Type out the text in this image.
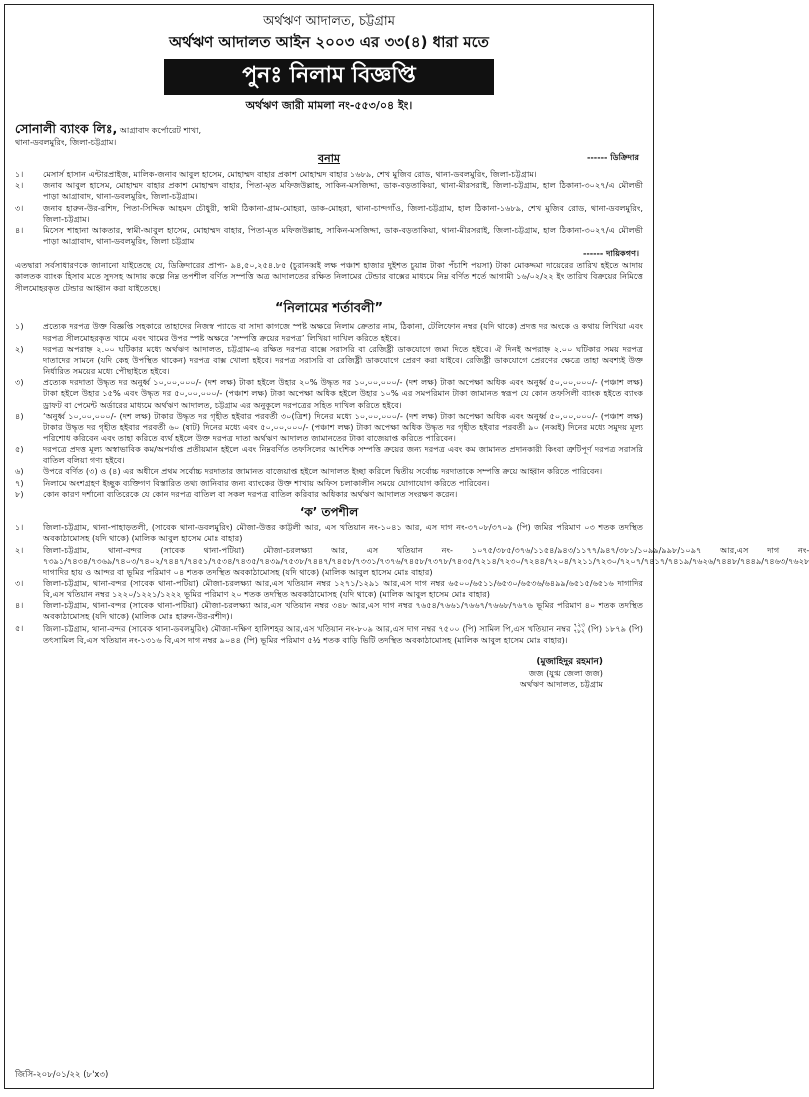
অর্থঋণ আদালত, চট্টগ্রাম
অর্থঋণ আদালত আইন ২০০৩ এর ৩৩(৪) ধারা মতে
পুনঃ নিলাম বিজ্ঞপ্তি
অর্থঋণ জারী মামলা নং-৫৫৩/০৪ ইং।
সোনালী ব্যাংক লিঃ, আগ্রাবাদ কর্পোরেট শাখা,
থানা-ডবলমুরিং, জিলা-চট্টগ্রাম।
------ ডিক্রিদার
বনাম
১।	মেসার্স হাসান এন্টারপ্রাইজ, মালিক-জনাব আবুল হাসেম, মোহাম্মদ বাহার প্রকাশ মোহাম্মদ বাহার ১৬৮৯, শেখ মুজিব রোড, থানা-ডবলমুরিং, জিলা-চট্টগ্রাম।
২।	জনাব আবুল হাসেম, মোহাম্মদ বাহার প্রকাশ মোহাম্মদ বাহার, পিতা-মৃত মফিজউল্লাহ, সাকিন-মসজিদ্দা, ডাক-বড়তাকিয়া, থানা-মীরসরাই, জিলা-চট্টগ্রাম, হাল ঠিকানা-৩০২৭/এ মৌলভী পাড়া আগ্রাবাদ, থানা-ডবলমুরিং, জিলা-চট্টগ্রাম।
৩।	জনাব হারুন-উর-রশিদ, পিতা-সিদ্দিক আহমদ চৌধুরী, স্বামী ঠিকানা-গ্রাম-মোহরা, ডাক-মোহরা, থানা-চান্দগাঁও, জিলা-চট্টগ্রাম, হাল ঠিকানা-১৬৮৯, শেখ মুজিব রোড, থানা-ডবলমুরিং, জিলা-চট্টগ্রাম।
৪।	মিসেস শাহানা আকতার, স্বামী-আবুল হাসেম, মোহাম্মদ বাহার, পিতা-মৃত মফিজউল্লাহ, সাকিন-মসজিদ্দা, ডাক-বড়তাকিয়া, থানা-মীরসরাই, জিলা-চট্টগ্রাম, হাল ঠিকানা-৩০২৭/এ মৌলভী পাড়া আগ্রাবাদ, থানা-ডবলমুরিং, জিলা চট্টগ্রাম
------ দায়িকগণ।
এতদ্বারা সর্বসাধারণকে জানানো যাইতেছে যে, ডিক্রিদারের প্রাপ্য- ৯৪,৫০,২৫৪.৮৫ (চুরানব্বই লক্ষ পঞ্চাশ হাজার দুইশত চুয়ান্ন টাকা পঁচাশি পয়সা) টাকা মোকদ্দমা দায়েরের তারিখ হইতে আদায় কালতক ব্যাংক হিসাব মতে সুদসহ আদায় কল্পে নিম্ন তপশীল বর্ণিত সম্পত্তি অত্র আদালতের রক্ষিত নিলামের টেন্ডার বাক্সের মাধ্যমে নিম্ন বর্ণিত শর্তে আগামী ১৬/০২/২২ ইং তারিখ বিক্রয়ের নিমিত্তে সীলমোহরকৃত টেন্ডার আহ্বান করা যাইতেছে।
“নিলামের শর্তাবলী”
১)	প্রত্যেক দরপত্র উক্ত বিজ্ঞপ্তি সহকারে তাহাদের নিজস্ব প্যাডে বা সাদা কাগজে স্পষ্ট অক্ষরে নিলাম ক্রেতার নাম, ঠিকানা, টেলিফোন নম্বর (যদি থাকে) প্রদত্ত দর অংকে ও কথায় লিখিয়া এবং দরপত্র সীলমোহরকৃত খামে এবং খামের উপর স্পষ্ট অক্ষরে ‘সম্পত্তি ক্রয়ের দরপত্র’ লিখিয়া দাখিল করিতে হইবে।
২)	দরপত্র অপরাহ্ন ২.০০ ঘটিকার মধ্যে অর্থঋণ আদালত, চট্টগ্রাম-এ রক্ষিত দরপত্র বাক্সে সরাসরি বা রেজিষ্ট্রী ডাকযোগে জমা দিতে হইবে। ঐ দিনই অপরাহ্ন ২.০০ ঘটিকার সময় দরপত্র দাতাদের সামনে (যদি কেহ উপস্থিত থাকেন) দরপত্র বাক্স খোলা হইবে। দরপত্র সরাসরি বা রেজিষ্ট্রী ডাকযোগে প্রেরণ করা যাইবে। রেজিষ্ট্রী ডাকযোগে প্রেরণের ক্ষেত্রে তাহা অবশ্যই উক্ত নির্ধারিত সময়ের মধ্যে পৌছাইতে হইবে।
৩)	প্রত্যেক দরদাতা উদ্ধৃত দর অনুর্ধ্ব ১০,০০,০০০/- (দশ লক্ষ) টাকা হইলে উহার ২০% উদ্ধৃত দর ১০,০০,০০০/- (দশ লক্ষ) টাকা অপেক্ষা অধিক এবং অনুর্ধ্ব ৫০,০০,০০০/- (পঞ্চাশ লক্ষ) টাকা হইলে উহার ১৫% এবং উদ্ধৃত দর ৫০,০০,০০০/- (পঞ্চাশ লক্ষ) টাকা অপেক্ষা অধিক হইলে উহার ১০% এর সমপরিমান টাকা জামানত স্বরূপ যে কোন তফসিলী ব্যাংক হইতে ব্যাংক ড্রাফট বা পেমেন্ট অর্ডারের মাধ্যমে অর্থঋণ আদালত, চট্টগ্রাম এর অনুকূলে দরপত্রের সহিত দাখিল করিতে হইবে।
৪)	‘অনুর্ধ্ব ১০,০০,০০০/- (দশ লক্ষ) টাকার উদ্ধৃত দর গৃহীত হইবার পরবর্তী ৩০(ত্রিশ) দিনের মধ্যে ১০,০০,০০০/- (দশ লক্ষ) টাকা অপেক্ষা অধিক এবং অনুর্ধ্ব ৫০,০০,০০০/- (পঞ্চাশ লক্ষ) টাকার উদ্ধৃত দর গৃহীত হইবার পরবর্তী ৬০ (ষাট) দিনের মধ্যে এবং ৫০,০০,০০০/- (পঞ্চাশ লক্ষ) টাকা অপেক্ষা অধিক উদ্ধৃত দর গৃহীত হইবার পরবর্তী ৯০ (নব্বই) দিনের মধ্যে সমুদয় মূল্য পরিশোধ করিবেন এবং তাহা করিতে ব্যর্থ হইলে উক্ত দরপত্র দাতা অর্থঋণ আদালত জামানতের টাকা বাজেয়াপ্ত করিতে পারিবেন।
৫)	দরপত্রে প্রদত্ত মূল্য অস্বাভাবিক কম/অপর্যাপ্ত প্রতীয়মান হইলে এবং নিম্নবর্ণিত তফসিলের আংশিক সম্পত্তি ক্রয়ের জন্য দরপত্র এবং কম জামানত প্রদানকারী কিংবা ত্রুটিপূর্ণ দরপত্র সরাসরি বাতিল বলিয়া গণ্য হইবে।
৬)	উপরে বর্ণিত (৩) ও (৪) এর অধীনে প্রথম সর্বোচ্চ দরদাতার জামানত বাজেয়াপ্ত হইলে আদালত ইচ্ছা করিলে দ্বিতীয় সর্বোচ্চ দরদাতাকে সম্পত্তি ক্রয়ে আহ্বান করিতে পারিবেন।
৭)	নিলামে অংশগ্রহণ ইচ্ছুক ব্যক্তিগণ বিস্তারিত তথ্য জানিবার জন্য ব্যাংকের উক্ত শাখায় অফিস চলাকালীন সময়ে যোগাযোগ করিতে পারিবেন।
৮)	কোন কারণ দর্শানো ব্যতিরেকে যে কোন দরপত্র বাতিল বা সকল দরপত্র বাতিল করিবার অধিকার অর্থঋণ আদালত সংরক্ষণ করেন।
‘ক’ তপশীল
১।	জিলা-চট্টগ্রাম, থানা-পাহাড়তলী, (সাবেক থানা-ডবলমুরিং) মৌজা-উত্তর কাট্টলী আর, এস খতিয়ান নং-১০৪১ আর, এস দাগ নং-৩৭০৮/৩৭০৯ (পি) জমির পরিমাণ ০৩ শতক তদস্থিত অবকাঠামোসহ (যদি থাকে) (মালিক আবুল হাসেম মোঃ বাহার)
২।	জিলা-চট্টগ্রাম, থানা-বন্দর (সাবেক থানা-পটিয়া) মৌজা-চরলক্ষ্যা আর, এস খতিয়ান নং- ১০৭৫/৩৮৫/৩৭৬/১১৫৪/৯৪৩/১১৭৭/৯৪৭/৩৮১/১০৯৯/৯৯৮/১০৯৭ আর,এস দাগ নং- ৭৩৯১/৭৪৩৪/৭৩৬৯/৭৪০৩/৭৪০২/৭৪৪৭/৭৪৫১/৭৫৩৪/৭৪৩৫/৭৪৩৯/৭৫৩৮/৭৪৪৭/৭৪৫৮/৭৩৩১/৭৩৭৬/৭৪৫৮/৭৩৭৮/৭৪৩৫/৭২১৪/৭২৩০/৭২৪৪/৭২০৪/৭২১১/৭২৩০/৭২০৭/৭৪১৭/৭৪১৯/৭৬২৬/৭৪৪৮/৭৪৪৯/৭৪৬৩/৭৬২৮ দাগাদির হায় ও আন্দর বা ভূমির পরিমাণ ০৪ শতক তদস্থিত অবকাঠামোসহ (যদি থাকে) (মালিক আবুল হাসেম মোঃ বাহার)
৩।	জিলা-চট্টগ্রাম, থানা-বন্দর (সাবেক থানা-পটিয়া) মৌজা-চরলক্ষ্যা আর,এস খতিয়ান নম্বর ১২৭১/১২৯১ আর,এস দাগ নম্বর ৬৫০০/৬৫১১/৬৫৩০/৬৫৩৬/৬৪৯৯/৬৫১৫/৬৫১৬ দাগাদির বি,এস খতিয়ান নম্বর ১২২০/১২২১/১২২২ ভূমির পরিমাণ ২০ শতক তদস্থিত অবকাঠামোসহ (যদি থাকে) (মালিক আবুল হাসেম মোঃ বাহার)
৪।	জিলা-চট্টগ্রাম, থানা-বন্দর (সাবেক থানা-পটিয়া) মৌজা-চরলক্ষ্যা আর,এস খতিয়ান নম্বর ৩৪৮ আর,এস দাগ নম্বর ৭৬৫৪/৭৬৬১/৭৬৬৭/৭৬৬৮/৭৬৭৬ ভূমির পরিমাণ ৪০ শতক তদস্থিত অবকাঠামোসহ (যদি থাকে) (মালিক মোঃ হারুন-উর-রশীদ)।
৫।	জিলা-চট্টগ্রাম, থানা-বন্দর (সাবেক থানা-ডবলমুরিং) মৌজা-দক্ষিণ হালিশহর আর,এস খতিয়ান নং-৮০৯ আর,এস দাগ নম্বর ৭৫০০ (পি) সামিল পি,এস খতিয়ান নম্বর ৭২৩
৭৮২ (পি) ১৮৭৯ (পি) তৎসামিল বি,এস খতিয়ান নং-১৩১৬ বি,এস দাগ নম্বর ৯০৪৪ (পি) ভূমির পরিমাণ ৫½ শতক বাড়ি ভিটি তদস্থিত অবকাঠামোসহ (মালিক আবুল হাসেম মোঃ বাহার)।
(মুজাহিদুর রহমান)
জজ (যুগ্ম জেলা জজ)
অর্থঋণ আদালত, চট্টগ্রাম
জিসি-২০৮/০১/২২ (৮'x৩)
